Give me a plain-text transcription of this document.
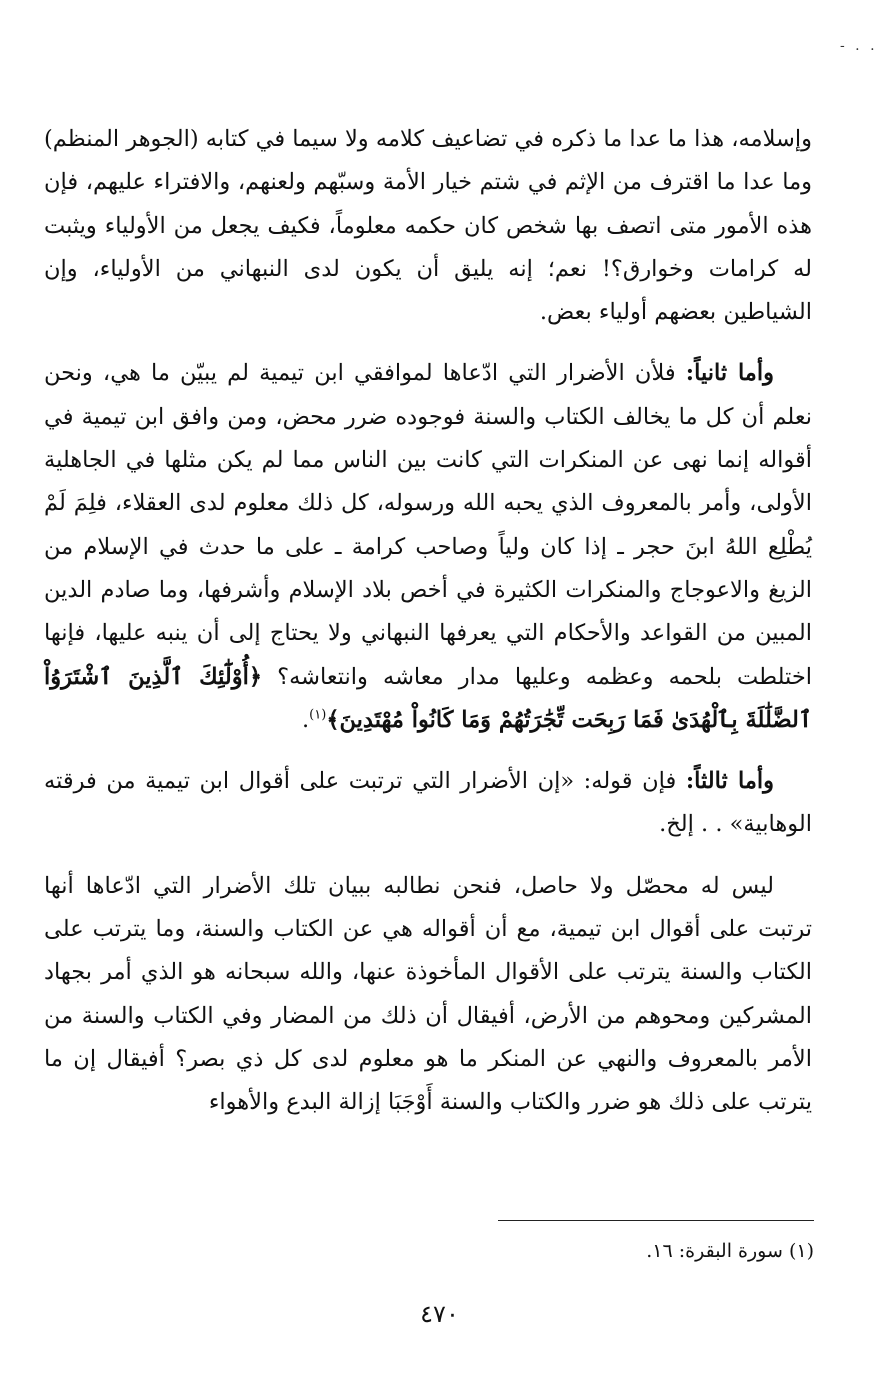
- . .

وإسلامه، هذا ما عدا ما ذكره في تضاعيف كلامه ولا سيما في كتابه (الجوهر المنظم) وما عدا ما اقترف من الإثم في شتم خيار الأمة وسبّهم ولعنهم، والافتراء عليهم، فإن هذه الأمور متى اتصف بها شخص كان حكمه معلوماً، فكيف يجعل من الأولياء ويثبت له كرامات وخوارق؟! نعم؛ إنه يليق أن يكون لدى النبهاني من الأولياء، وإن الشياطين بعضهم أولياء بعض.

وأما ثانياً: فلأن الأضرار التي ادّعاها لموافقي ابن تيمية لم يبيّن ما هي، ونحن نعلم أن كل ما يخالف الكتاب والسنة فوجوده ضرر محض، ومن وافق ابن تيمية في أقواله إنما نهى عن المنكرات التي كانت بين الناس مما لم يكن مثلها في الجاهلية الأولى، وأمر بالمعروف الذي يحبه الله ورسوله، كل ذلك معلوم لدى العقلاء، فلِمَ لَمْ يُطْلِع اللهُ ابنَ حجر ـ إذا كان ولياً وصاحب كرامة ـ على ما حدث في الإسلام من الزيغ والاعوجاج والمنكرات الكثيرة في أخص بلاد الإسلام وأشرفها، وما صادم الدين المبين من القواعد والأحكام التي يعرفها النبهاني ولا يحتاج إلى أن ينبه عليها، فإنها اختلطت بلحمه وعظمه وعليها مدار معاشه وانتعاشه؟ ﴿أُوْلَٰٓئِكَ ٱلَّذِينَ ٱشْتَرَوُاْ ٱلضَّلَٰلَةَ بِٱلْهُدَىٰ فَمَا رَبِحَت تِّجَٰرَتُهُمْ وَمَا كَانُواْ مُهْتَدِينَ﴾$^{(١)}$.

وأما ثالثاً: فإن قوله: «إن الأضرار التي ترتبت على أقوال ابن تيمية من فرقته الوهابية» . . إلخ.

ليس له محصّل ولا حاصل، فنحن نطالبه ببيان تلك الأضرار التي ادّعاها أنها ترتبت على أقوال ابن تيمية، مع أن أقواله هي عن الكتاب والسنة، وما يترتب على الكتاب والسنة يترتب على الأقوال المأخوذة عنها، والله سبحانه هو الذي أمر بجهاد المشركين ومحوهم من الأرض، أفيقال أن ذلك من المضار وفي الكتاب والسنة من الأمر بالمعروف والنهي عن المنكر ما هو معلوم لدى كل ذي بصر؟ أفيقال إن ما يترتب على ذلك هو ضرر والكتاب والسنة أَوْجَبَا إزالة البدع والأهواء

(١) سورة البقرة: ١٦.
٤٧٠
